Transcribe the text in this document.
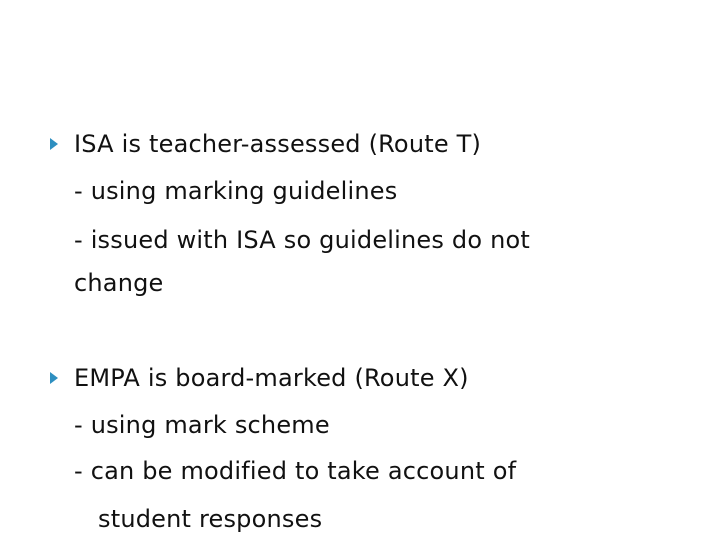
ISA is teacher-assessed (Route T)
- using marking guidelines
- issued with ISA so guidelines do not
change
EMPA is board-marked (Route X)
- using mark scheme
- can be modified to take account of
student responses
